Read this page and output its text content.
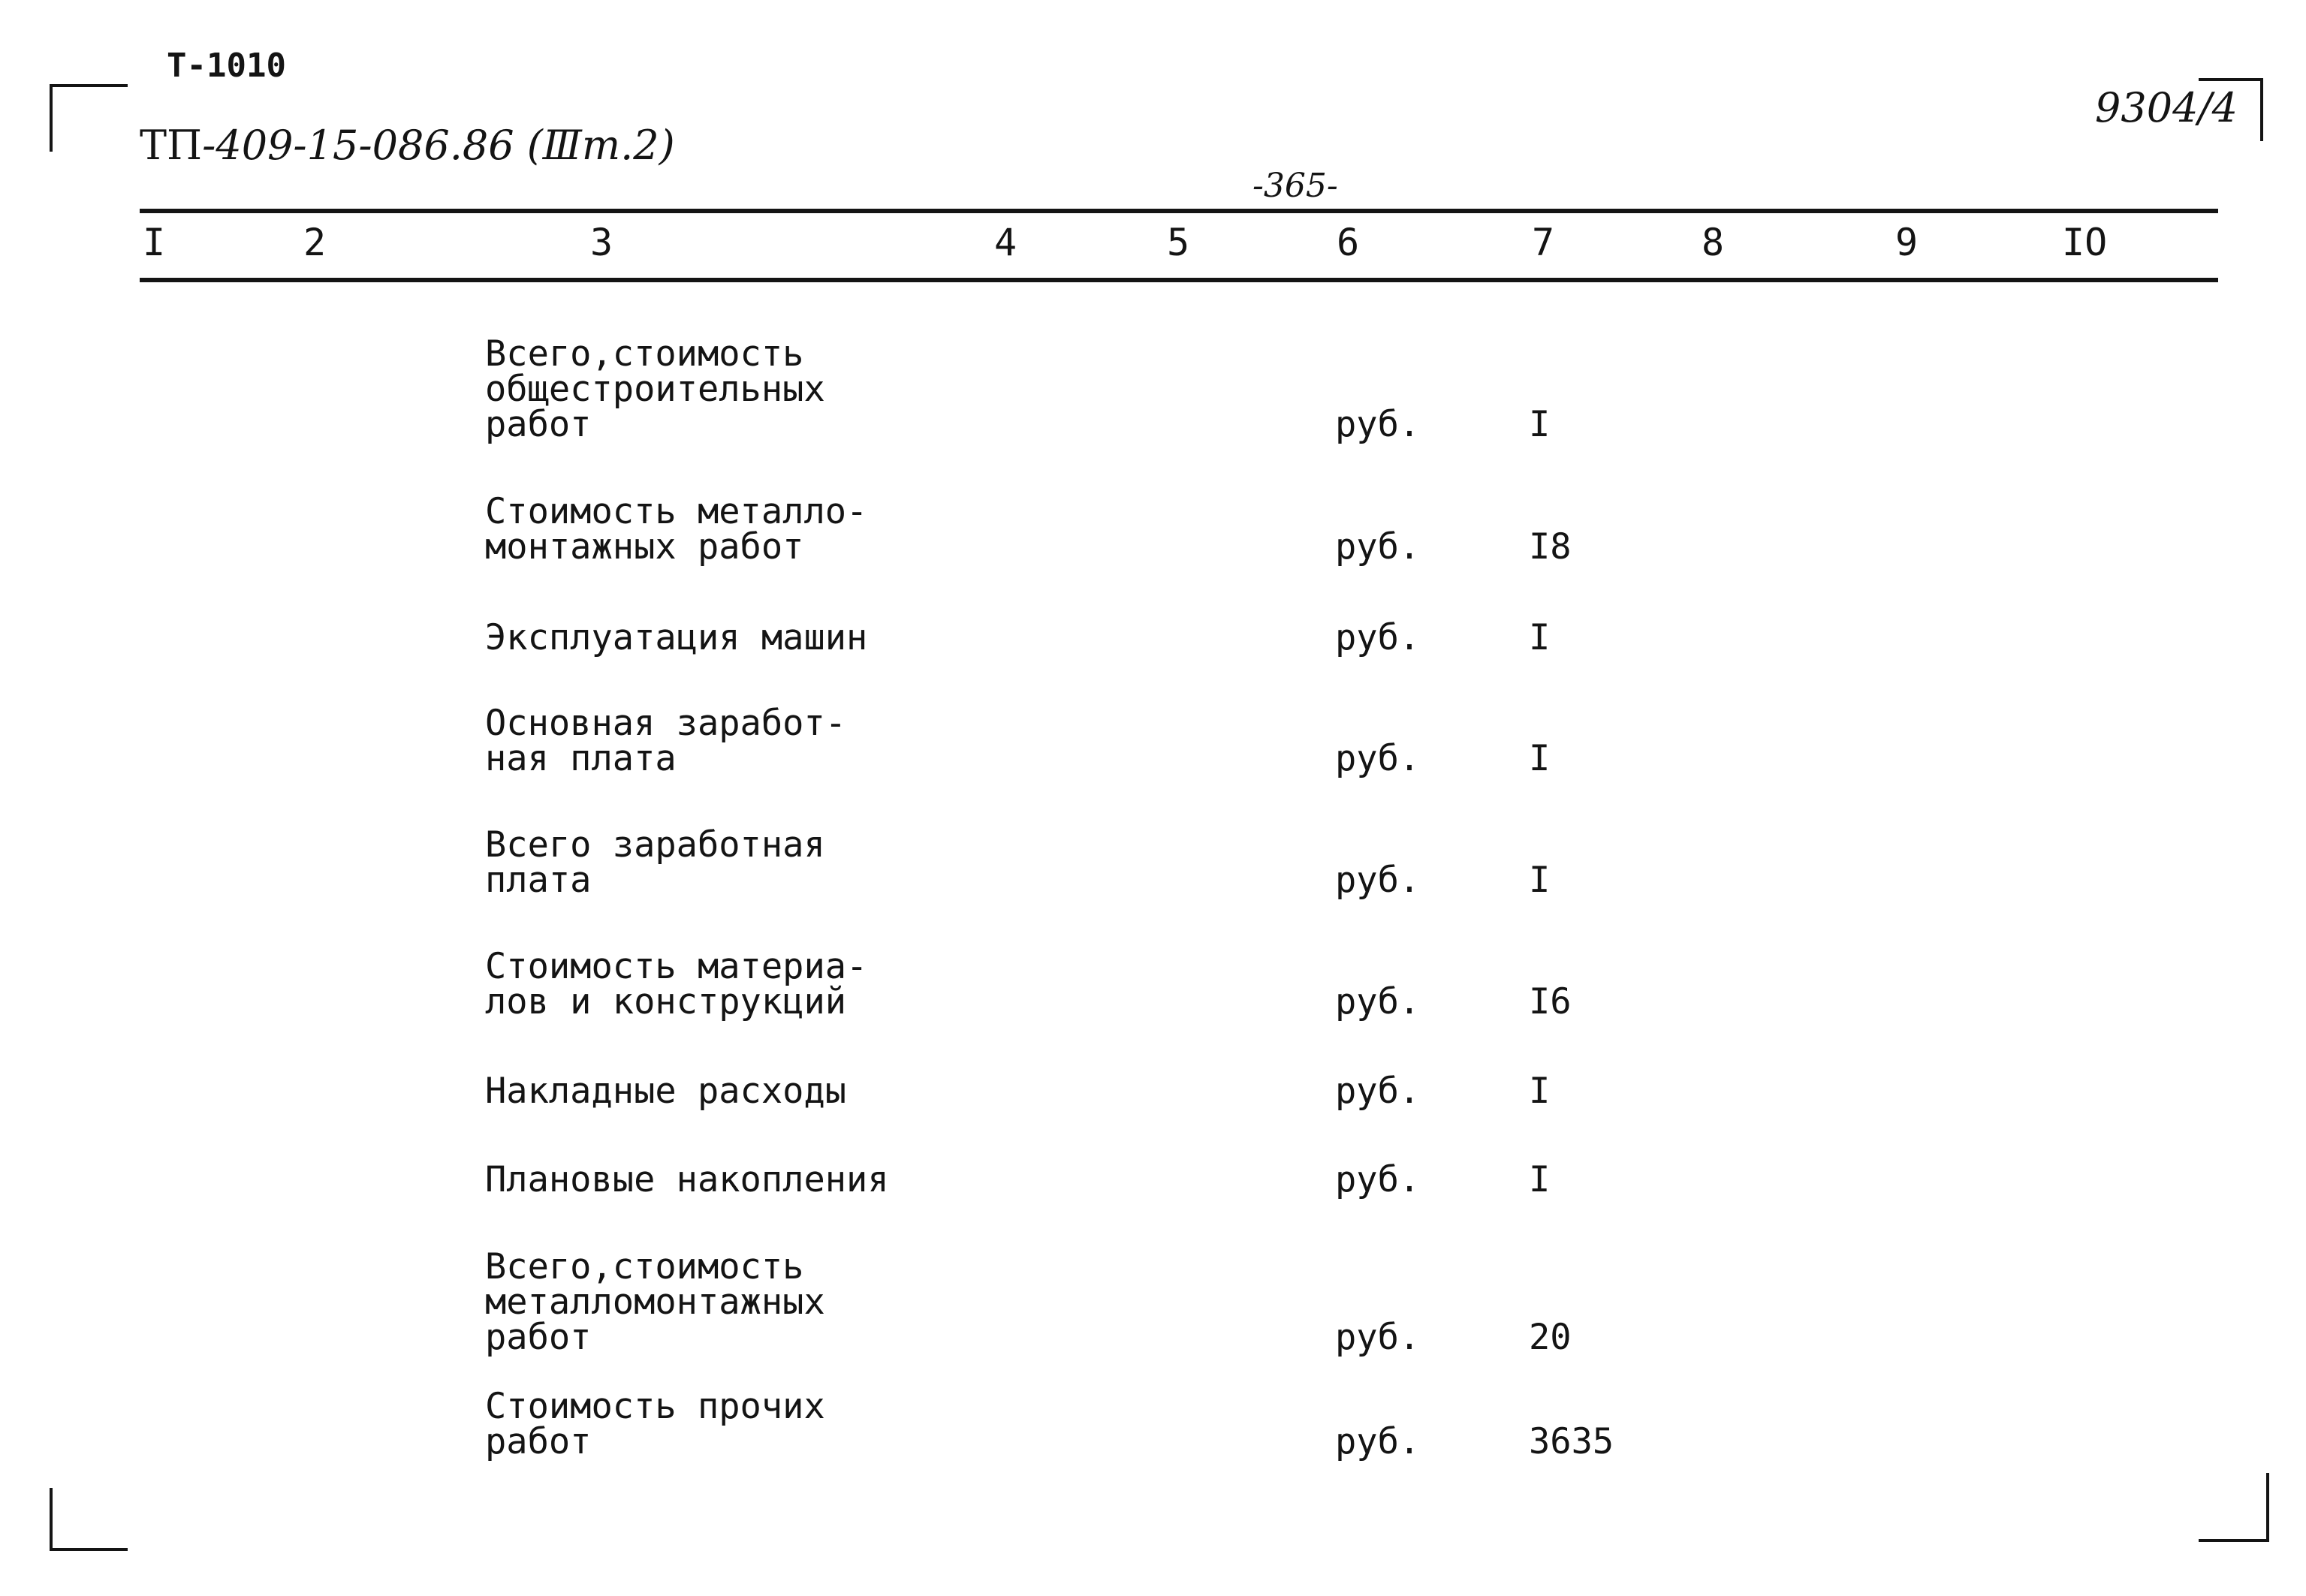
Т-1010
ТП-409-15-086.86 (Ⅲт.2)
9304/4
-365-
I	2	3	4	5	6	7	8	9	IO
Всего,стоимость
общестроительных
работ	руб.	I
Стоимость металло-
монтажных работ	руб.	I8
Эксплуатация машин	руб.	I
Основная заработ-
ная плата	руб.	I
Всего заработная
плата	руб.	I
Стоимость материа-
лов и конструкций	руб.	I6
Накладные расходы	руб.	I
Плановые накопления	руб.	I
Всего,стоимость
металломонтажных
работ	руб.	20
Стоимость прочих
работ	руб.	3635
